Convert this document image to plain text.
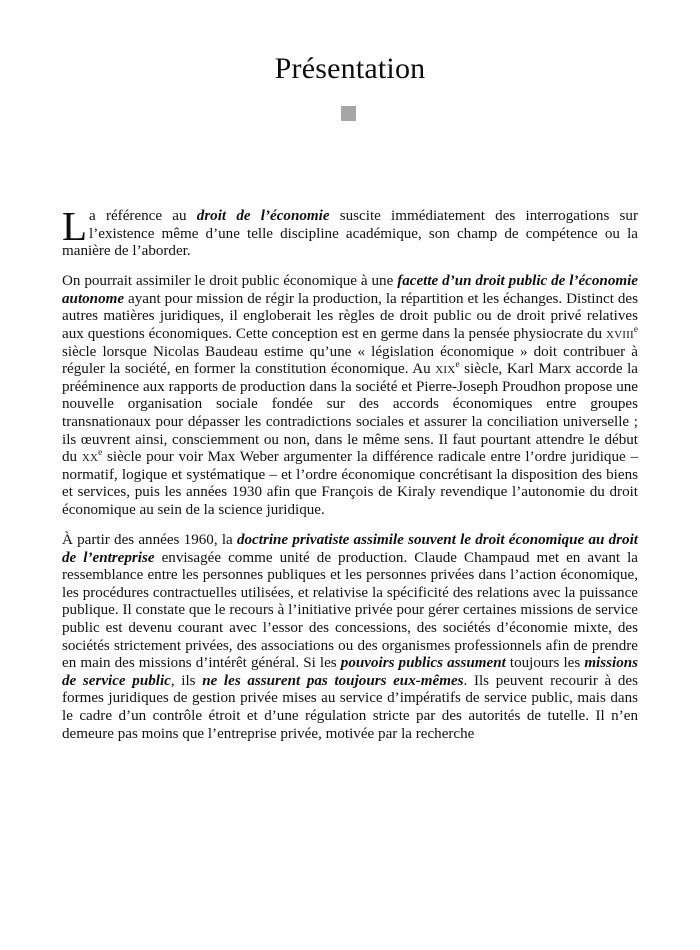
Présentation

La référence au droit de l’économie suscite immédiatement des interrogations sur l’existence même d’une telle discipline académique, son champ de compétence ou la manière de l’aborder.

On pourrait assimiler le droit public économique à une facette d’un droit public de l’économie autonome ayant pour mission de régir la production, la répartition et les échanges. Distinct des autres matières juridiques, il engloberait les règles de droit public ou de droit privé relatives aux questions économiques. Cette conception est en germe dans la pensée physiocrate du xviii$^e$ siècle lorsque Nicolas Baudeau estime qu’une « législation économique » doit contribuer à réguler la société, en former la constitution économique. Au xix$^e$ siècle, Karl Marx accorde la prééminence aux rapports de production dans la société et Pierre-Joseph Proudhon propose une nouvelle organisation sociale fondée sur des accords économiques entre groupes transnationaux pour dépasser les contradictions sociales et assurer la conciliation universelle ; ils œuvrent ainsi, consciemment ou non, dans le même sens. Il faut pourtant attendre le début du $xx^e$ siècle pour voir Max Weber argumenter la différence radicale entre l’ordre juridique – normatif, logique et systématique – et l’ordre économique concrétisant la disposition des biens et services, puis les années 1930 afin que François de Kiraly revendique l’autonomie du droit économique au sein de la science juridique.

À partir des années 1960, la doctrine privatiste assimile souvent le droit économique au droit de l’entreprise envisagée comme unité de production. Claude Champaud met en avant la ressemblance entre les personnes publiques et les personnes privées dans l’action économique, les procédures contractuelles utilisées, et relativise la spécificité des relations avec la puissance publique. Il constate que le recours à l’initiative privée pour gérer certaines missions de service public est devenu courant avec l’essor des concessions, des sociétés d’économie mixte, des sociétés strictement privées, des associations ou des organismes professionnels afin de prendre en main des missions d’intérêt général. Si les pouvoirs publics assument toujours les missions de service public, ils ne les assurent pas toujours eux-mêmes. Ils peuvent recourir à des formes juridiques de gestion privée mises au service d’impératifs de service public, mais dans le cadre d’un contrôle étroit et d’une régulation stricte par des autorités de tutelle. Il n’en demeure pas moins que l’entreprise privée, motivée par la recherche
